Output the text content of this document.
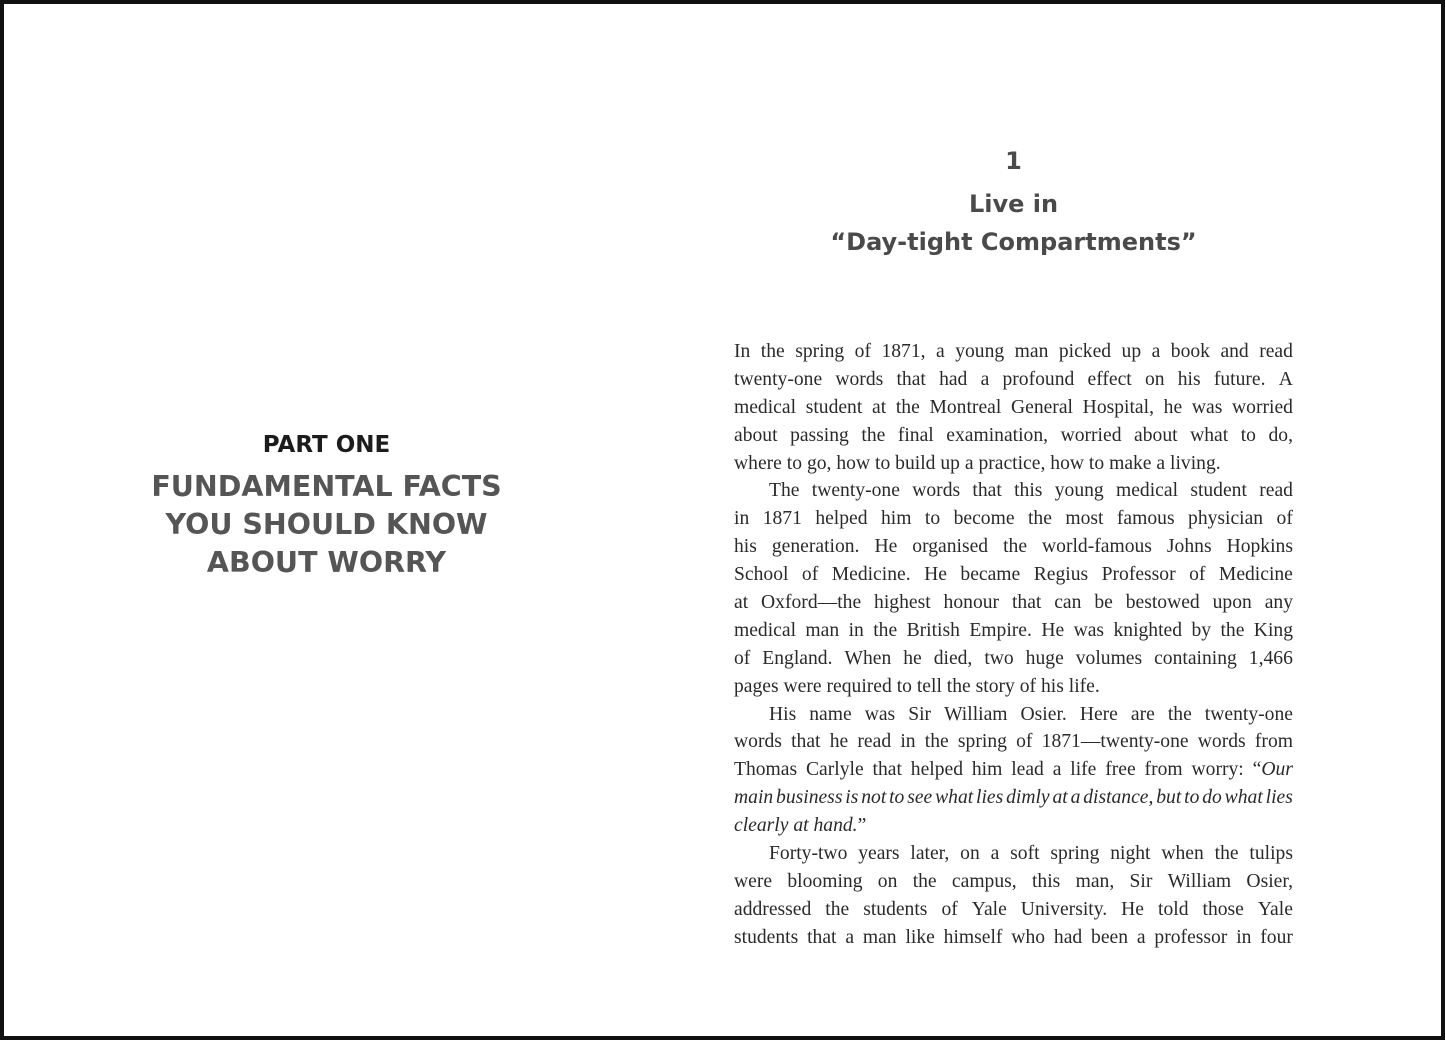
PART ONE
FUNDAMENTAL FACTS
YOU SHOULD KNOW
ABOUT WORRY
1
Live in
“Day-tight Compartments”
In the spring of 1871, a young man picked up a book and read
twenty-one words that had a profound effect on his future. A
medical student at the Montreal General Hospital, he was worried
about passing the final examination, worried about what to do,
where to go, how to build up a practice, how to make a living.
The twenty-one words that this young medical student read
in 1871 helped him to become the most famous physician of
his generation. He organised the world-famous Johns Hopkins
School of Medicine. He became Regius Professor of Medicine
at Oxford—the highest honour that can be bestowed upon any
medical man in the British Empire. He was knighted by the King
of England. When he died, two huge volumes containing 1,466
pages were required to tell the story of his life.
His name was Sir William Osier. Here are the twenty-one
words that he read in the spring of 1871—twenty-one words from
Thomas Carlyle that helped him lead a life free from worry: “Our
main business is not to see what lies dimly at a distance, but to do what lies
clearly at hand.”
Forty-two years later, on a soft spring night when the tulips
were blooming on the campus, this man, Sir William Osier,
addressed the students of Yale University. He told those Yale
students that a man like himself who had been a professor in four
